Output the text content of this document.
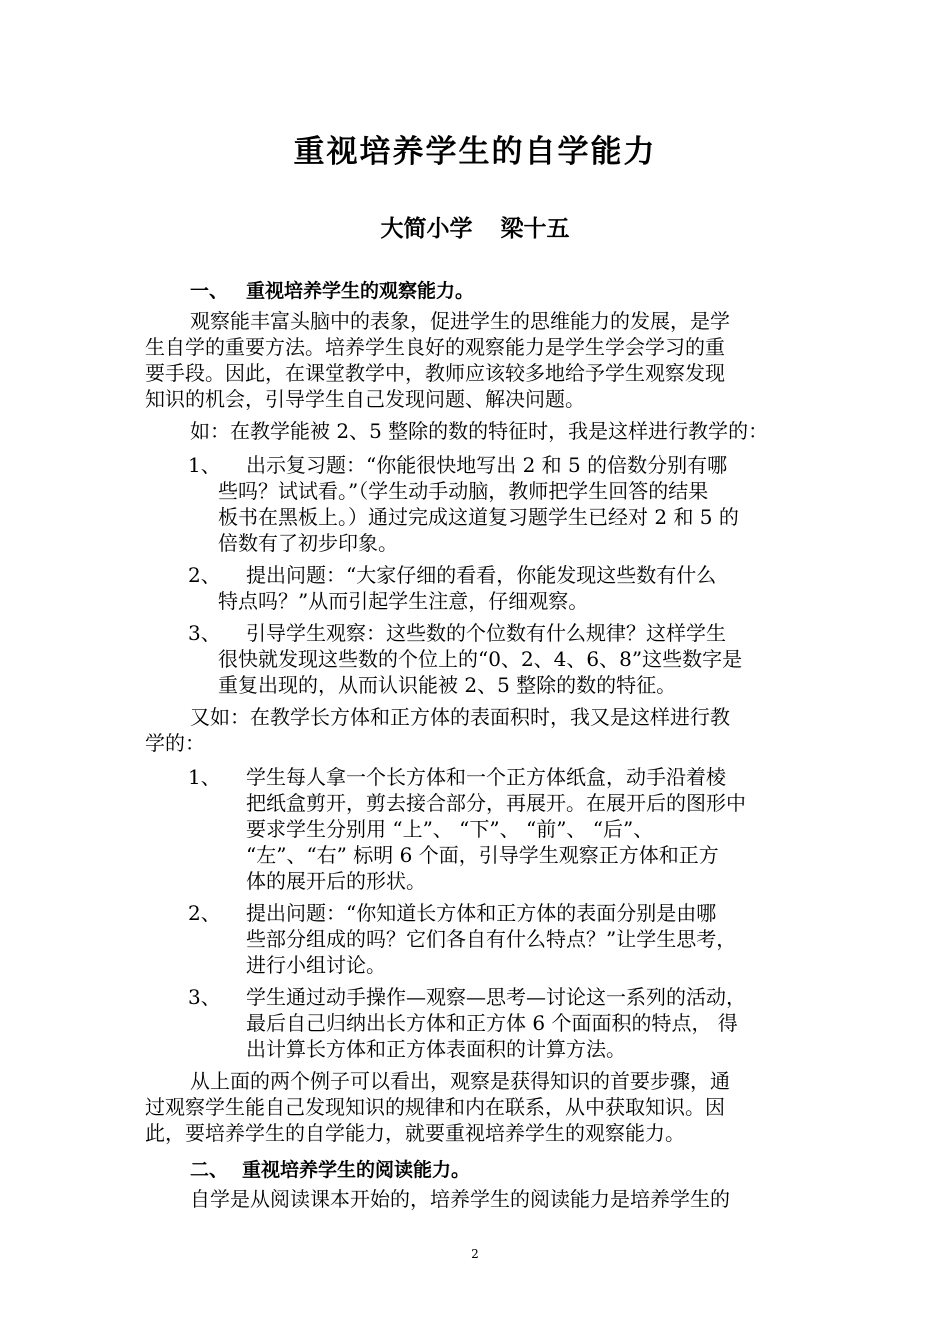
重视培养学生的自学能力
大简小学 梁十五
一、 重视培养学生的观察能力。
观察能丰富头脑中的表象，促进学生的思维能力的发展，是学
生自学的重要方法。培养学生良好的观察能力是学生学会学习的重
要手段。因此，在课堂教学中，教师应该较多地给予学生观察发现
知识的机会，引导学生自己发现问题、解决问题。
如：在教学能被 2、5 整除的数的特征时，我是这样进行教学的：
1、 出示复习题：“你能很快地写出 2 和 5 的倍数分别有哪
些吗？试试看。”（学生动手动脑，教师把学生回答的结果
板书在黑板上。）通过完成这道复习题学生已经对 2 和 5 的
倍数有了初步印象。
2、 提出问题：“大家仔细的看看，你能发现这些数有什么
特点吗？”从而引起学生注意，仔细观察。
3、 引导学生观察：这些数的个位数有什么规律？这样学生
很快就发现这些数的个位上的“0、2、4、6、8”这些数字是
重复出现的，从而认识能被 2、5 整除的数的特征。
又如：在教学长方体和正方体的表面积时，我又是这样进行教
学的：
1、 学生每人拿一个长方体和一个正方体纸盒，动手沿着棱
把纸盒剪开，剪去接合部分，再展开。在展开后的图形中
要求学生分别用 “上”、 “下”、 “前”、 “后”、
“左”、“右” 标明 6 个面，引导学生观察正方体和正方
体的展开后的形状。
2、 提出问题：“你知道长方体和正方体的表面分别是由哪
些部分组成的吗？它们各自有什么特点？”让学生思考，
进行小组讨论。
3、 学生通过动手操作—观察—思考—讨论这一系列的活动，
最后自己归纳出长方体和正方体 6 个面面积的特点， 得
出计算长方体和正方体表面积的计算方法。
从上面的两个例子可以看出，观察是获得知识的首要步骤，通
过观察学生能自己发现知识的规律和内在联系，从中获取知识。因
此，要培养学生的自学能力，就要重视培养学生的观察能力。
二、 重视培养学生的阅读能力。
自学是从阅读课本开始的，培养学生的阅读能力是培养学生的
2
